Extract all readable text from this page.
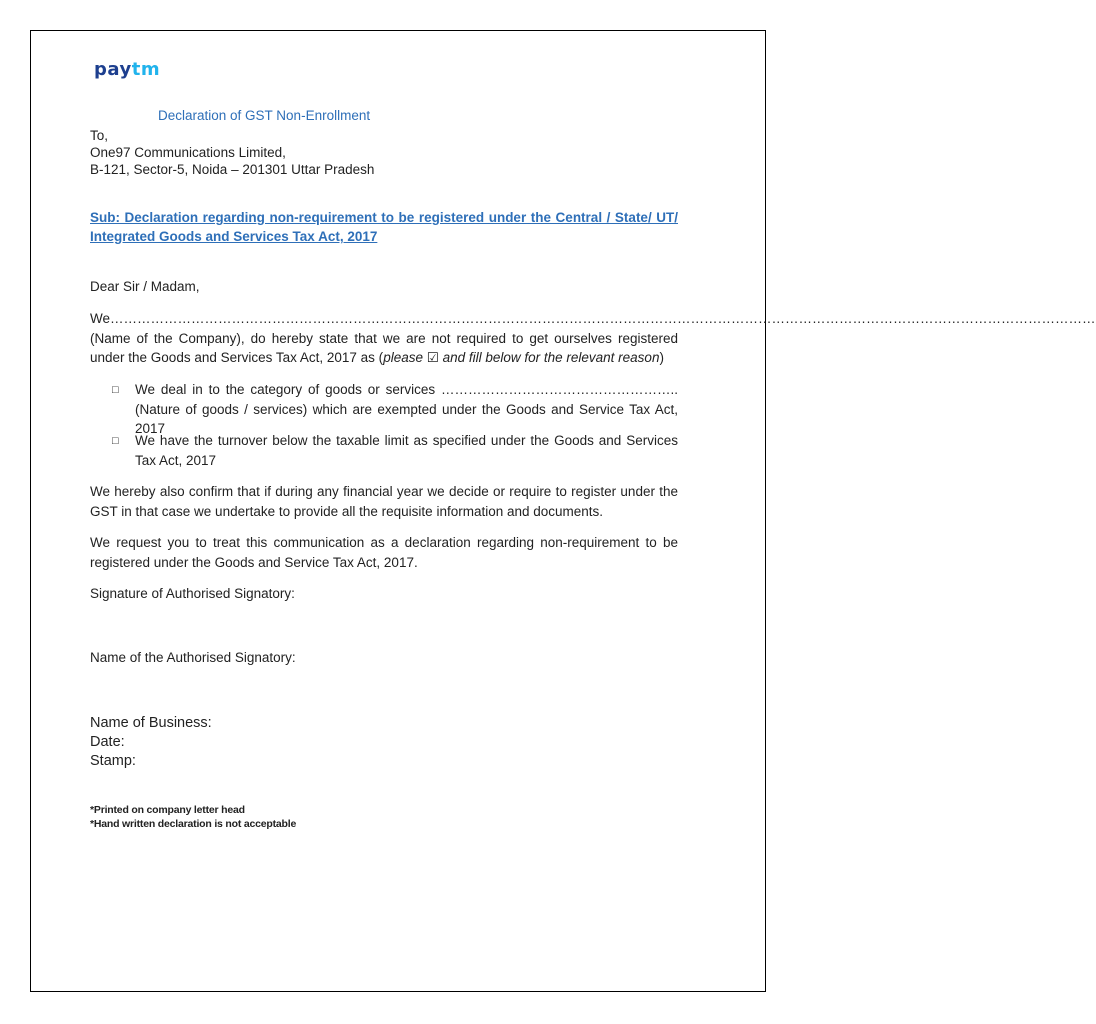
paytm
Declaration of GST Non-Enrollment
To,
One97 Communications Limited,
B-121, Sector-5, Noida – 201301 Uttar Pradesh
Sub: Declaration regarding non-requirement to be registered under the Central / State/ UT/ Integrated Goods and Services Tax Act, 2017
Dear Sir / Madam,
We………………………………………………………………………………………………………………………………………………………………………………………………… (Name of the Company), do hereby state that we are not required to get ourselves registered under the Goods and Services Tax Act, 2017 as (please ☑ and fill below for the relevant reason)
□ We deal in to the category of goods or services …………………………………………….. (Nature of goods / services) which are exempted under the Goods and Service Tax Act, 2017
□ We have the turnover below the taxable limit as specified under the Goods and Services Tax Act, 2017
We hereby also confirm that if during any financial year we decide or require to register under the GST in that case we undertake to provide all the requisite information and documents.
We request you to treat this communication as a declaration regarding non-requirement to be registered under the Goods and Service Tax Act, 2017.
Signature of Authorised Signatory:
Name of the Authorised Signatory:
Name of Business:
Date:
Stamp:
*Printed on company letter head
*Hand written declaration is not acceptable
